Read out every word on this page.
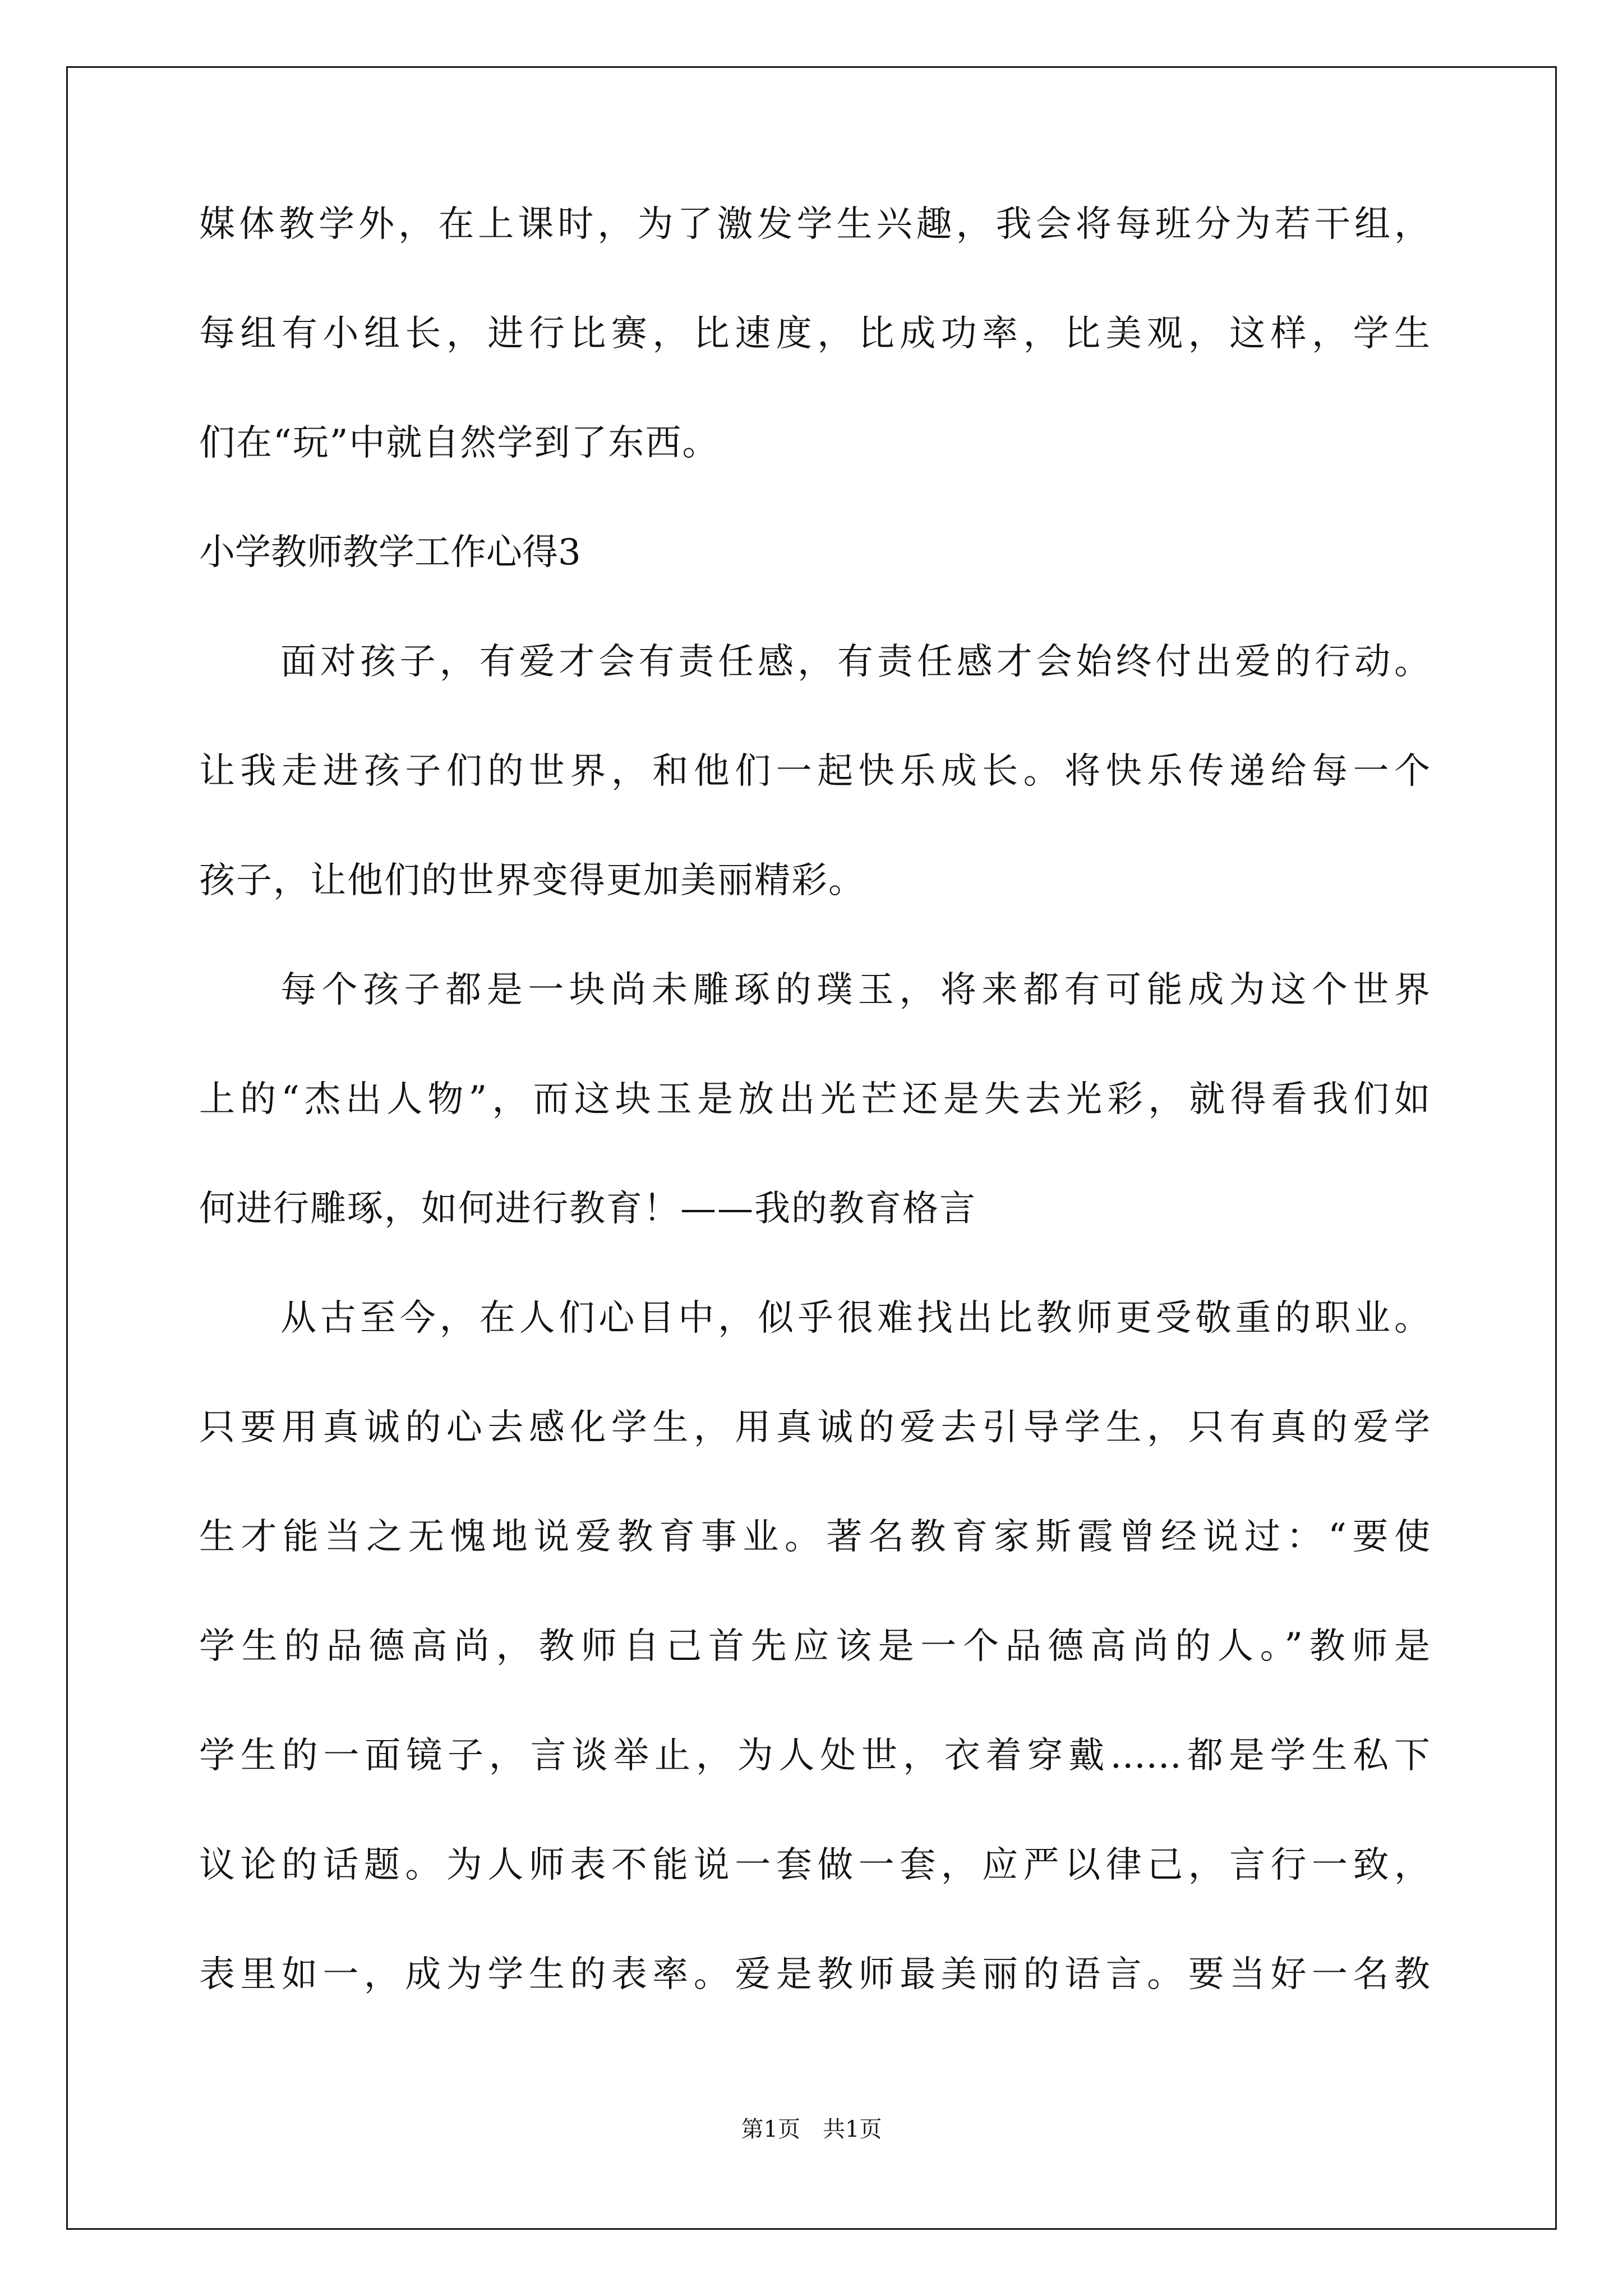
媒体教学外，在上课时，为了激发学生兴趣，我会将每班分为若干组，
每组有小组长，进行比赛，比速度，比成功率，比美观，这样，学生
们在“玩”中就自然学到了东西。
小学教师教学工作心得3
面对孩子，有爱才会有责任感，有责任感才会始终付出爱的行动。
让我走进孩子们的世界，和他们一起快乐成长。将快乐传递给每一个
孩子，让他们的世界变得更加美丽精彩。
每个孩子都是一块尚未雕琢的璞玉，将来都有可能成为这个世界
上的“杰出人物”，而这块玉是放出光芒还是失去光彩，就得看我们如
何进行雕琢，如何进行教育！——我的教育格言
从古至今，在人们心目中，似乎很难找出比教师更受敬重的职业。
只要用真诚的心去感化学生，用真诚的爱去引导学生，只有真的爱学
生才能当之无愧地说爱教育事业。著名教育家斯霞曾经说过：“要使
学生的品德高尚，教师自己首先应该是一个品德高尚的人。”教师是
学生的一面镜子，言谈举止，为人处世，衣着穿戴……都是学生私下
议论的话题。为人师表不能说一套做一套，应严以律己，言行一致，
表里如一，成为学生的表率。爱是教师最美丽的语言。要当好一名教
第1页　共1页
